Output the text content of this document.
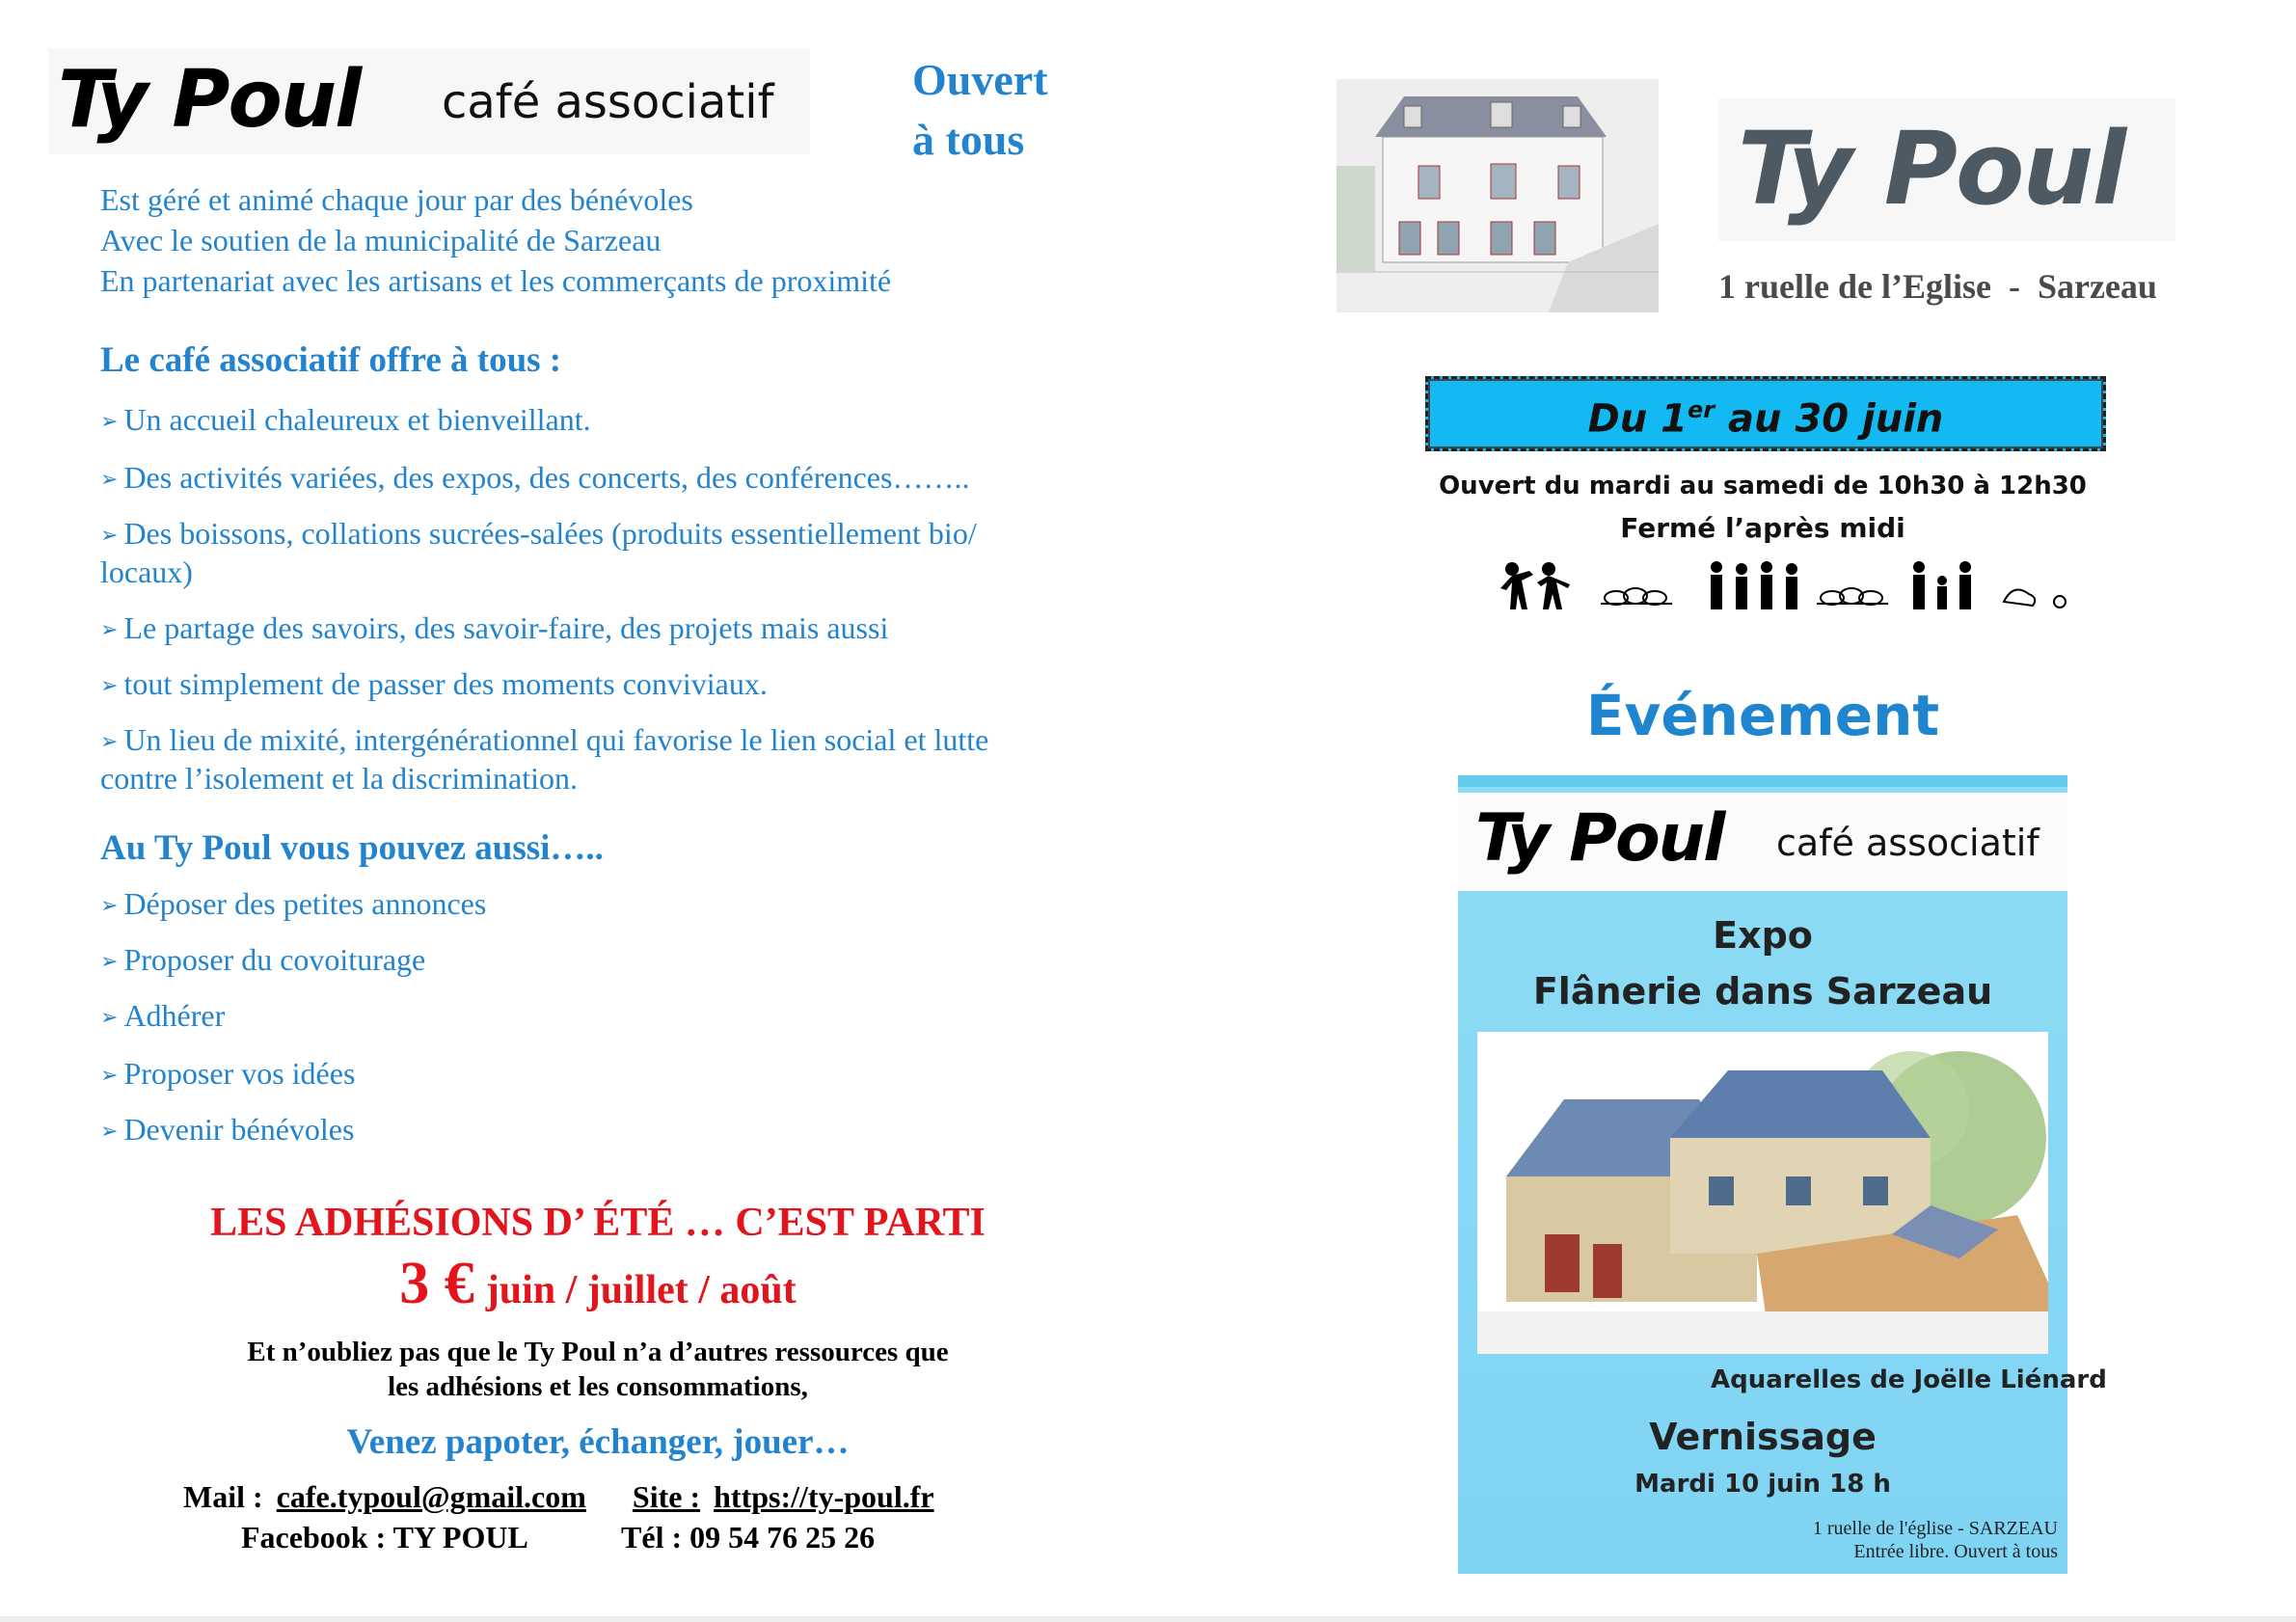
Ty Poul café associatif	Ouvert
à tous

Est géré et animé chaque jour par des bénévoles

Avec le soutien de la municipalité de Sarzeau

En partenariat avec les artisans et les commerçants de proximité

Le café associatif offre à tous :

➢ Un accueil chaleureux et bienveillant.

➢ Des activités variées, des expos, des concerts, des conférences……..

➢ Des boissons, collations sucrées-salées (produits essentiellement bio/

locaux)

➢ Le partage des savoirs, des savoir-faire, des projets mais aussi

➢ tout simplement de passer des moments conviviaux.

➢ Un lieu de mixité, intergénérationnel qui favorise le lien social et lutte

contre l’isolement et la discrimination.

Au Ty Poul vous pouvez aussi…..

➢ Déposer des petites annonces

➢ Proposer du covoiturage

➢ Adhérer

➢ Proposer vos idées

➢ Devenir bénévoles

LES ADHÉSIONS D’ ÉTÉ … C’EST PARTI
3 € juin / juillet / août
Et n’oubliez pas que le Ty Poul n’a d’autres ressources que
les adhésions et les consommations,
Venez papoter, échanger, jouer…
Mail : cafe.typoul@gmail.com Site : https://ty-poul.fr
Facebook : TY POUL	Tél : 09 54 76 25 26
Ty Poul
1 ruelle de l’Eglise  -  Sarzeau
Du 1er au 30 juin
Ouvert du mardi au samedi de 10h30 à 12h30
Fermé l’après midi
Événement
Ty Poul café associatif
Expo
Flânerie dans Sarzeau
Aquarelles de Joëlle Liénard
Vernissage
Mardi 10 juin 18 h
1 ruelle de l'église - SARZEAU
Entrée libre. Ouvert à tous
